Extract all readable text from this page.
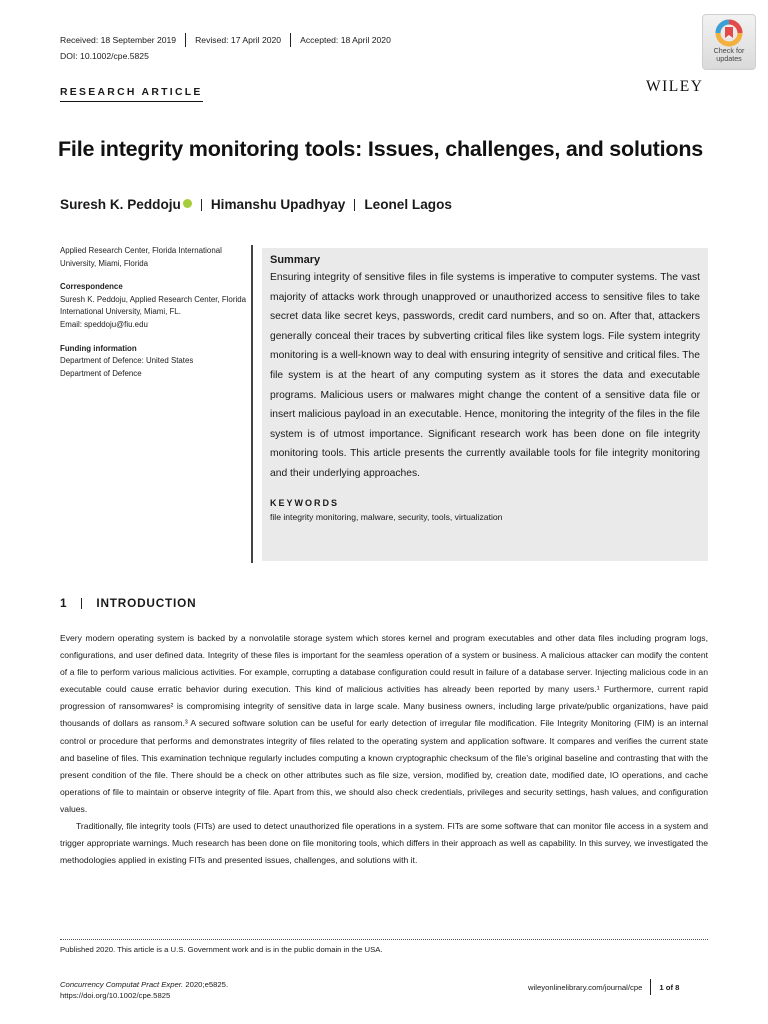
Received: 18 September 2019 Revised: 17 April 2020 Accepted: 18 April 2020
DOI: 10.1002/cpe.5825
Check for
updates
WILEY
RESEARCH ARTICLE
File integrity monitoring tools: Issues, challenges, and solutions
Suresh K. Peddoju Himanshu Upadhyay Leonel Lagos

Applied Research Center, Florida International University, Miami, Florida

Correspondence

Suresh K. Peddoju, Applied Research Center, Florida International University, Miami, FL.

Email: speddoju@fiu.edu

Funding information

Department of Defence: United States

Department of Defence

Summary
Ensuring integrity of sensitive files in file systems is imperative to computer systems. The vast majority of attacks work through unapproved or unauthorized access to sensitive files to take secret data like secret keys, passwords, credit card numbers, and so on. After that, attackers generally conceal their traces by subverting critical files like system logs. File system integrity monitoring is a well-known way to deal with ensuring integrity of sensitive and critical files. The file system is at the heart of any computing system as it stores the data and executable programs. Malicious users or malwares might change the content of a sensitive data file or insert malicious payload in an executable. Hence, monitoring the integrity of the files in the file system is of utmost importance. Significant research work has been done on file integrity monitoring tools. This article presents the currently available tools for file integrity monitoring and their underlying approaches.
KEYWORDS
file integrity monitoring, malware, security, tools, virtualization
1 INTRODUCTION

Every modern operating system is backed by a nonvolatile storage system which stores kernel and program executables and other data files including program logs, configurations, and user defined data. Integrity of these files is important for the seamless operation of a system or business. A malicious attacker can modify the content of a file to perform various malicious activities. For example, corrupting a database configuration could result in failure of a database server. Injecting malicious code in an executable could cause erratic behavior during execution. This kind of malicious activities has already been reported by many users.¹ Furthermore, current rapid progression of ransomwares² is compromising integrity of sensitive data in large scale. Many business owners, including large private/public organizations, have paid thousands of dollars as ransom.³ A secured software solution can be useful for early detection of irregular file modification. File Integrity Monitoring (FIM) is an internal control or procedure that performs and demonstrates integrity of files related to the operating system and application software. It compares and verifies the current state and baseline of files. This examination technique regularly includes computing a known cryptographic checksum of the file's original baseline and contrasting that with the present condition of the file. There should be a check on other attributes such as file size, version, modified by, creation date, modified date, IO operations, and cache operations of file to maintain or observe integrity of file. Apart from this, we should also check credentials, privileges and security settings, hash values, and configuration values.

Traditionally, file integrity tools (FITs) are used to detect unauthorized file operations in a system. FITs are some software that can monitor file access in a system and trigger appropriate warnings. Much research has been done on file monitoring tools, which differs in their approach as well as capability. In this survey, we investigated the methodologies applied in existing FITs and presented issues, challenges, and solutions with it.

Published 2020. This article is a U.S. Government work and is in the public domain in the USA.
Concurrency Computat Pract Exper. 2020;e5825.
https://doi.org/10.1002/cpe.5825
wileyonlinelibrary.com/journal/cpe 1 of 8
